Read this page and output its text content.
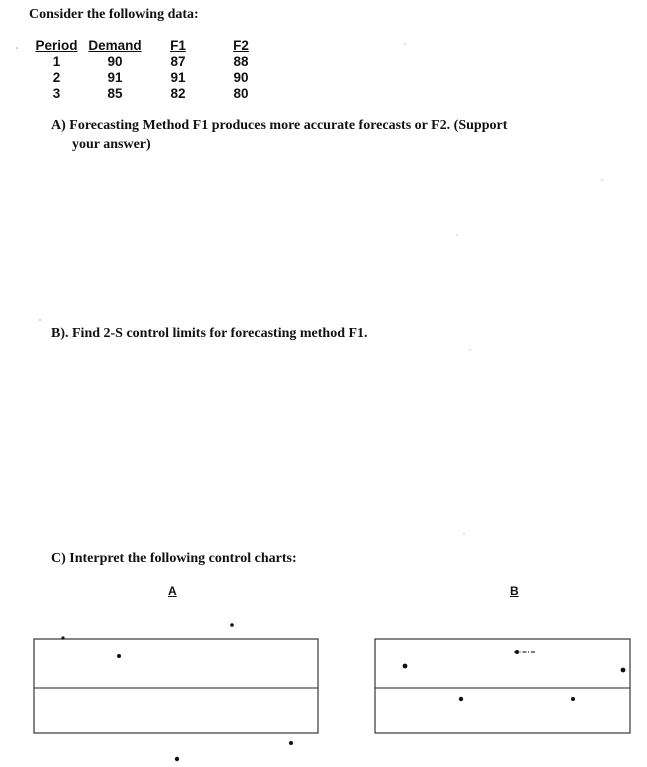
Consider the following data:
Period	Demand	F1	F2
1	90	87	88
2	91	91	90
3	85	82	80
A) Forecasting Method F1 produces more accurate forecasts or F2. (Support
your answer)
B). Find 2-S control limits for forecasting method F1.
C) Interpret the following control charts:
A	B
